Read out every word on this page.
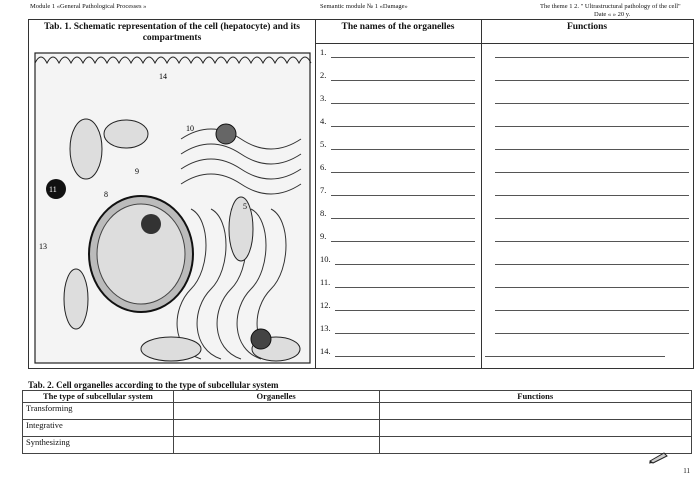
Module 1 «General Pathological Processes »	Semantic module № 1 «Damage»	The theme 1 2. " Ultrastructural pathology of the cell"
Date « » 20 y.
Tab. 1. Schematic representation of the cell (hepatocyte) and its compartments
The names of the organelles	Functions
14
10
11
9
13
5
8
1.
2.
3.
4.
5.
6.
7.
8.
9.
10.
11.
12.
13.
14.
Tab. 2. Cell organelles according to the type of subcellular system
The type of subcellular system	Organelles	Functions
Transforming		
Integrative		
Synthesizing		
11
